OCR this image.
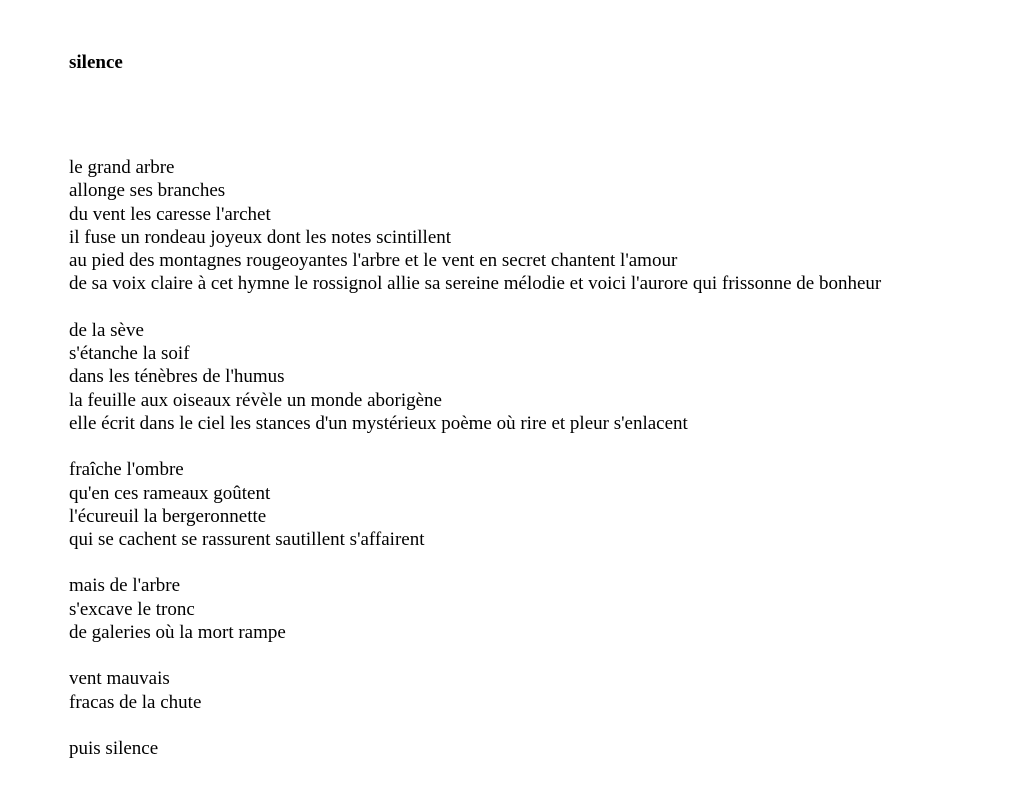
silence
le grand arbre
allonge ses branches
du vent les caresse l'archet
il fuse un rondeau joyeux dont les notes scintillent
au pied des montagnes rougeoyantes l'arbre et le vent en secret chantent l'amour
de sa voix claire à cet hymne le rossignol allie sa sereine mélodie et voici l'aurore qui frissonne de bonheur
de la sève
s'étanche la soif
dans les ténèbres de l'humus
la feuille aux oiseaux révèle un monde aborigène
elle écrit dans le ciel les stances d'un mystérieux poème où rire et pleur s'enlacent
fraîche l'ombre
qu'en ces rameaux goûtent
l'écureuil la bergeronnette
qui se cachent se rassurent sautillent s'affairent
mais de l'arbre
s'excave le tronc
de galeries où la mort rampe
vent mauvais
fracas de la chute
puis silence
